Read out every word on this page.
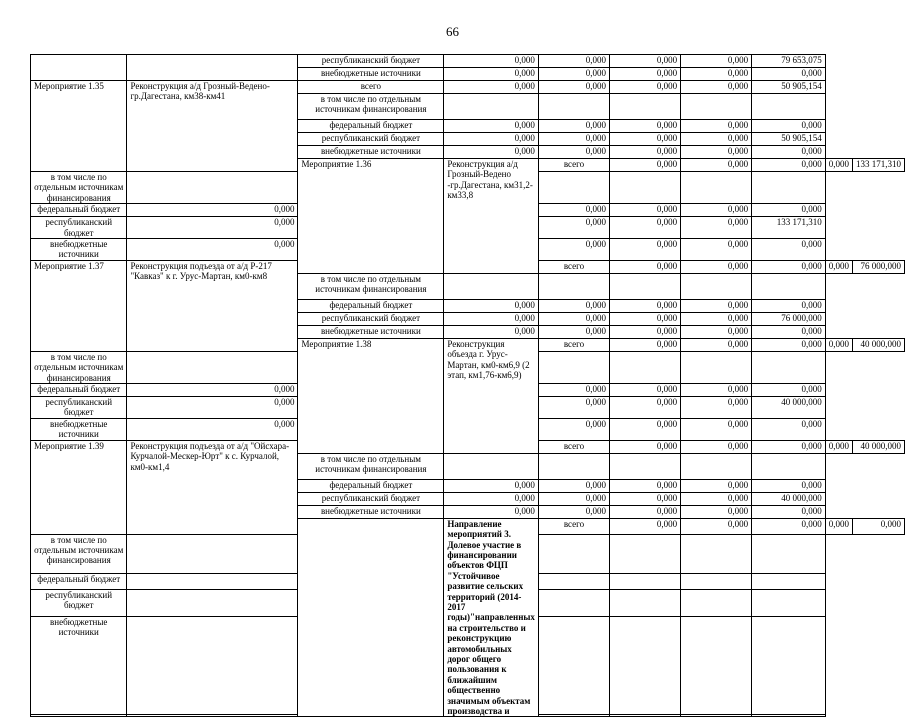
66
		республиканский бюджет	0,000	0,000	0,000	0,000	79 653,075		
		внебюджетные источники	0,000	0,000	0,000	0,000	0,000		
Мероприятие 1.35	Реконструкция а/д Грозный-Ведено-гр.Дагестана, км38-км41	всего	0,000	0,000	0,000	0,000	50 905,154		
		в том числе по отдельным источникам финансирования							
		федеральный бюджет	0,000	0,000	0,000	0,000	0,000		
		республиканский бюджет	0,000	0,000	0,000	0,000	50 905,154		
		внебюджетные источники	0,000	0,000	0,000	0,000	0,000		
		Мероприятие 1.36	Реконструкция а/д Грозный-Ведено -гр.Дагестана, км31,2-км33,8	всего	0,000	0,000	0,000	0,000	133 171,310
в том числе по отдельным источникам финансирования									
федеральный бюджет	0,000			0,000	0,000	0,000	0,000		
республиканский бюджет	0,000			0,000	0,000	0,000	133 171,310		
внебюджетные источники	0,000			0,000	0,000	0,000	0,000		
Мероприятие 1.37	Реконструкция подъезда от а/д Р-217 "Кавказ" к г. Урус-Мартан, км0-км8			всего	0,000	0,000	0,000	0,000	76 000,000
		в том числе по отдельным источникам финансирования							
		федеральный бюджет	0,000	0,000	0,000	0,000	0,000		
		республиканский бюджет	0,000	0,000	0,000	0,000	76 000,000		
		внебюджетные источники	0,000	0,000	0,000	0,000	0,000		
		Мероприятие 1.38	Реконструкция объезда г. Урус-Мартан, км0-км6,9 (2 этап, км1,76-км6,9)	всего	0,000	0,000	0,000	0,000	40 000,000
в том числе по отдельным источникам финансирования									
федеральный бюджет	0,000			0,000	0,000	0,000	0,000		
республиканский бюджет	0,000			0,000	0,000	0,000	40 000,000		
внебюджетные источники	0,000			0,000	0,000	0,000	0,000		
Мероприятие 1.39	Реконструкция подъезда от а/д "Ойсхара-Курчалой-Мескер-Юрт" к с. Курчалой, км0-км1,4			всего	0,000	0,000	0,000	0,000	40 000,000
		в том числе по отдельным источникам финансирования							
		федеральный бюджет	0,000	0,000	0,000	0,000	0,000		
		республиканский бюджет	0,000	0,000	0,000	0,000	40 000,000		
		внебюджетные источники	0,000	0,000	0,000	0,000	0,000		
			Направление мероприятий 3. Долевое участие в финансировании объектов ФЦП "Устойчивое развитие сельских территорий (2014-2017 годы)"направленных на строительство и реконструкцию автомобильных дорог общего пользования к ближайшим общественно значимым объектам производства и	всего	0,000	0,000	0,000	0,000	0,000
в том числе по отдельным источникам финансирования									
федеральный бюджет									
республиканский бюджет									
внебюджетные источники									
